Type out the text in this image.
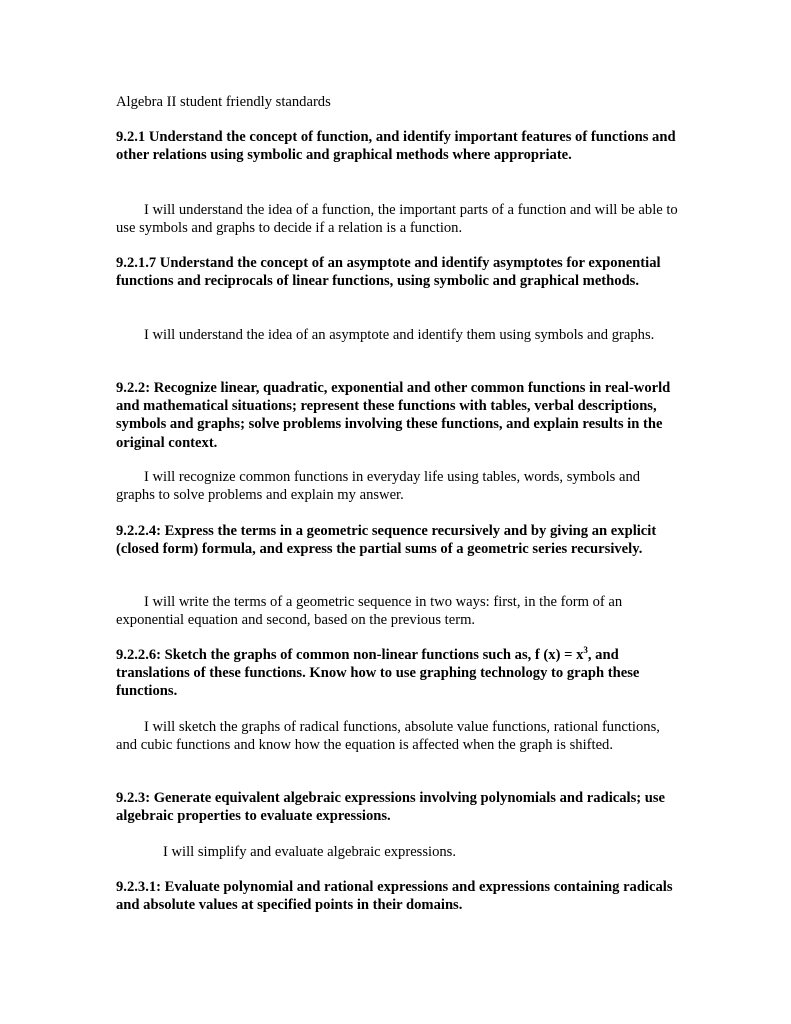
Algebra II student friendly standards

9.2.1 Understand the concept of function, and identify important features of functions and other relations using symbolic and graphical methods where appropriate.

I will understand the idea of a function, the important parts of a function and will be able to use symbols and graphs to decide if a relation is a function.

9.2.1.7 Understand the concept of an asymptote and identify asymptotes for exponential functions and reciprocals of linear functions, using symbolic and graphical methods.

I will understand the idea of an asymptote and identify them using symbols and graphs.

9.2.2: Recognize linear, quadratic, exponential and other common functions in real-world and mathematical situations; represent these functions with tables, verbal descriptions, symbols and graphs; solve problems involving these functions, and explain results in the original context.

I will recognize common functions in everyday life using tables, words, symbols and graphs to solve problems and explain my answer.

9.2.2.4: Express the terms in a geometric sequence recursively and by giving an explicit (closed form) formula, and express the partial sums of a geometric series recursively.

I will write the terms of a geometric sequence in two ways: first, in the form of an exponential equation and second, based on the previous term.

9.2.2.6: Sketch the graphs of common non-linear functions such as, f $(x) = x^3$, and translations of these functions. Know how to use graphing technology to graph these functions.

I will sketch the graphs of radical functions, absolute value functions, rational functions, and cubic functions and know how the equation is affected when the graph is shifted.

9.2.3: Generate equivalent algebraic expressions involving polynomials and radicals; use algebraic properties to evaluate expressions.

I will simplify and evaluate algebraic expressions.

9.2.3.1: Evaluate polynomial and rational expressions and expressions containing radicals and absolute values at specified points in their domains.
